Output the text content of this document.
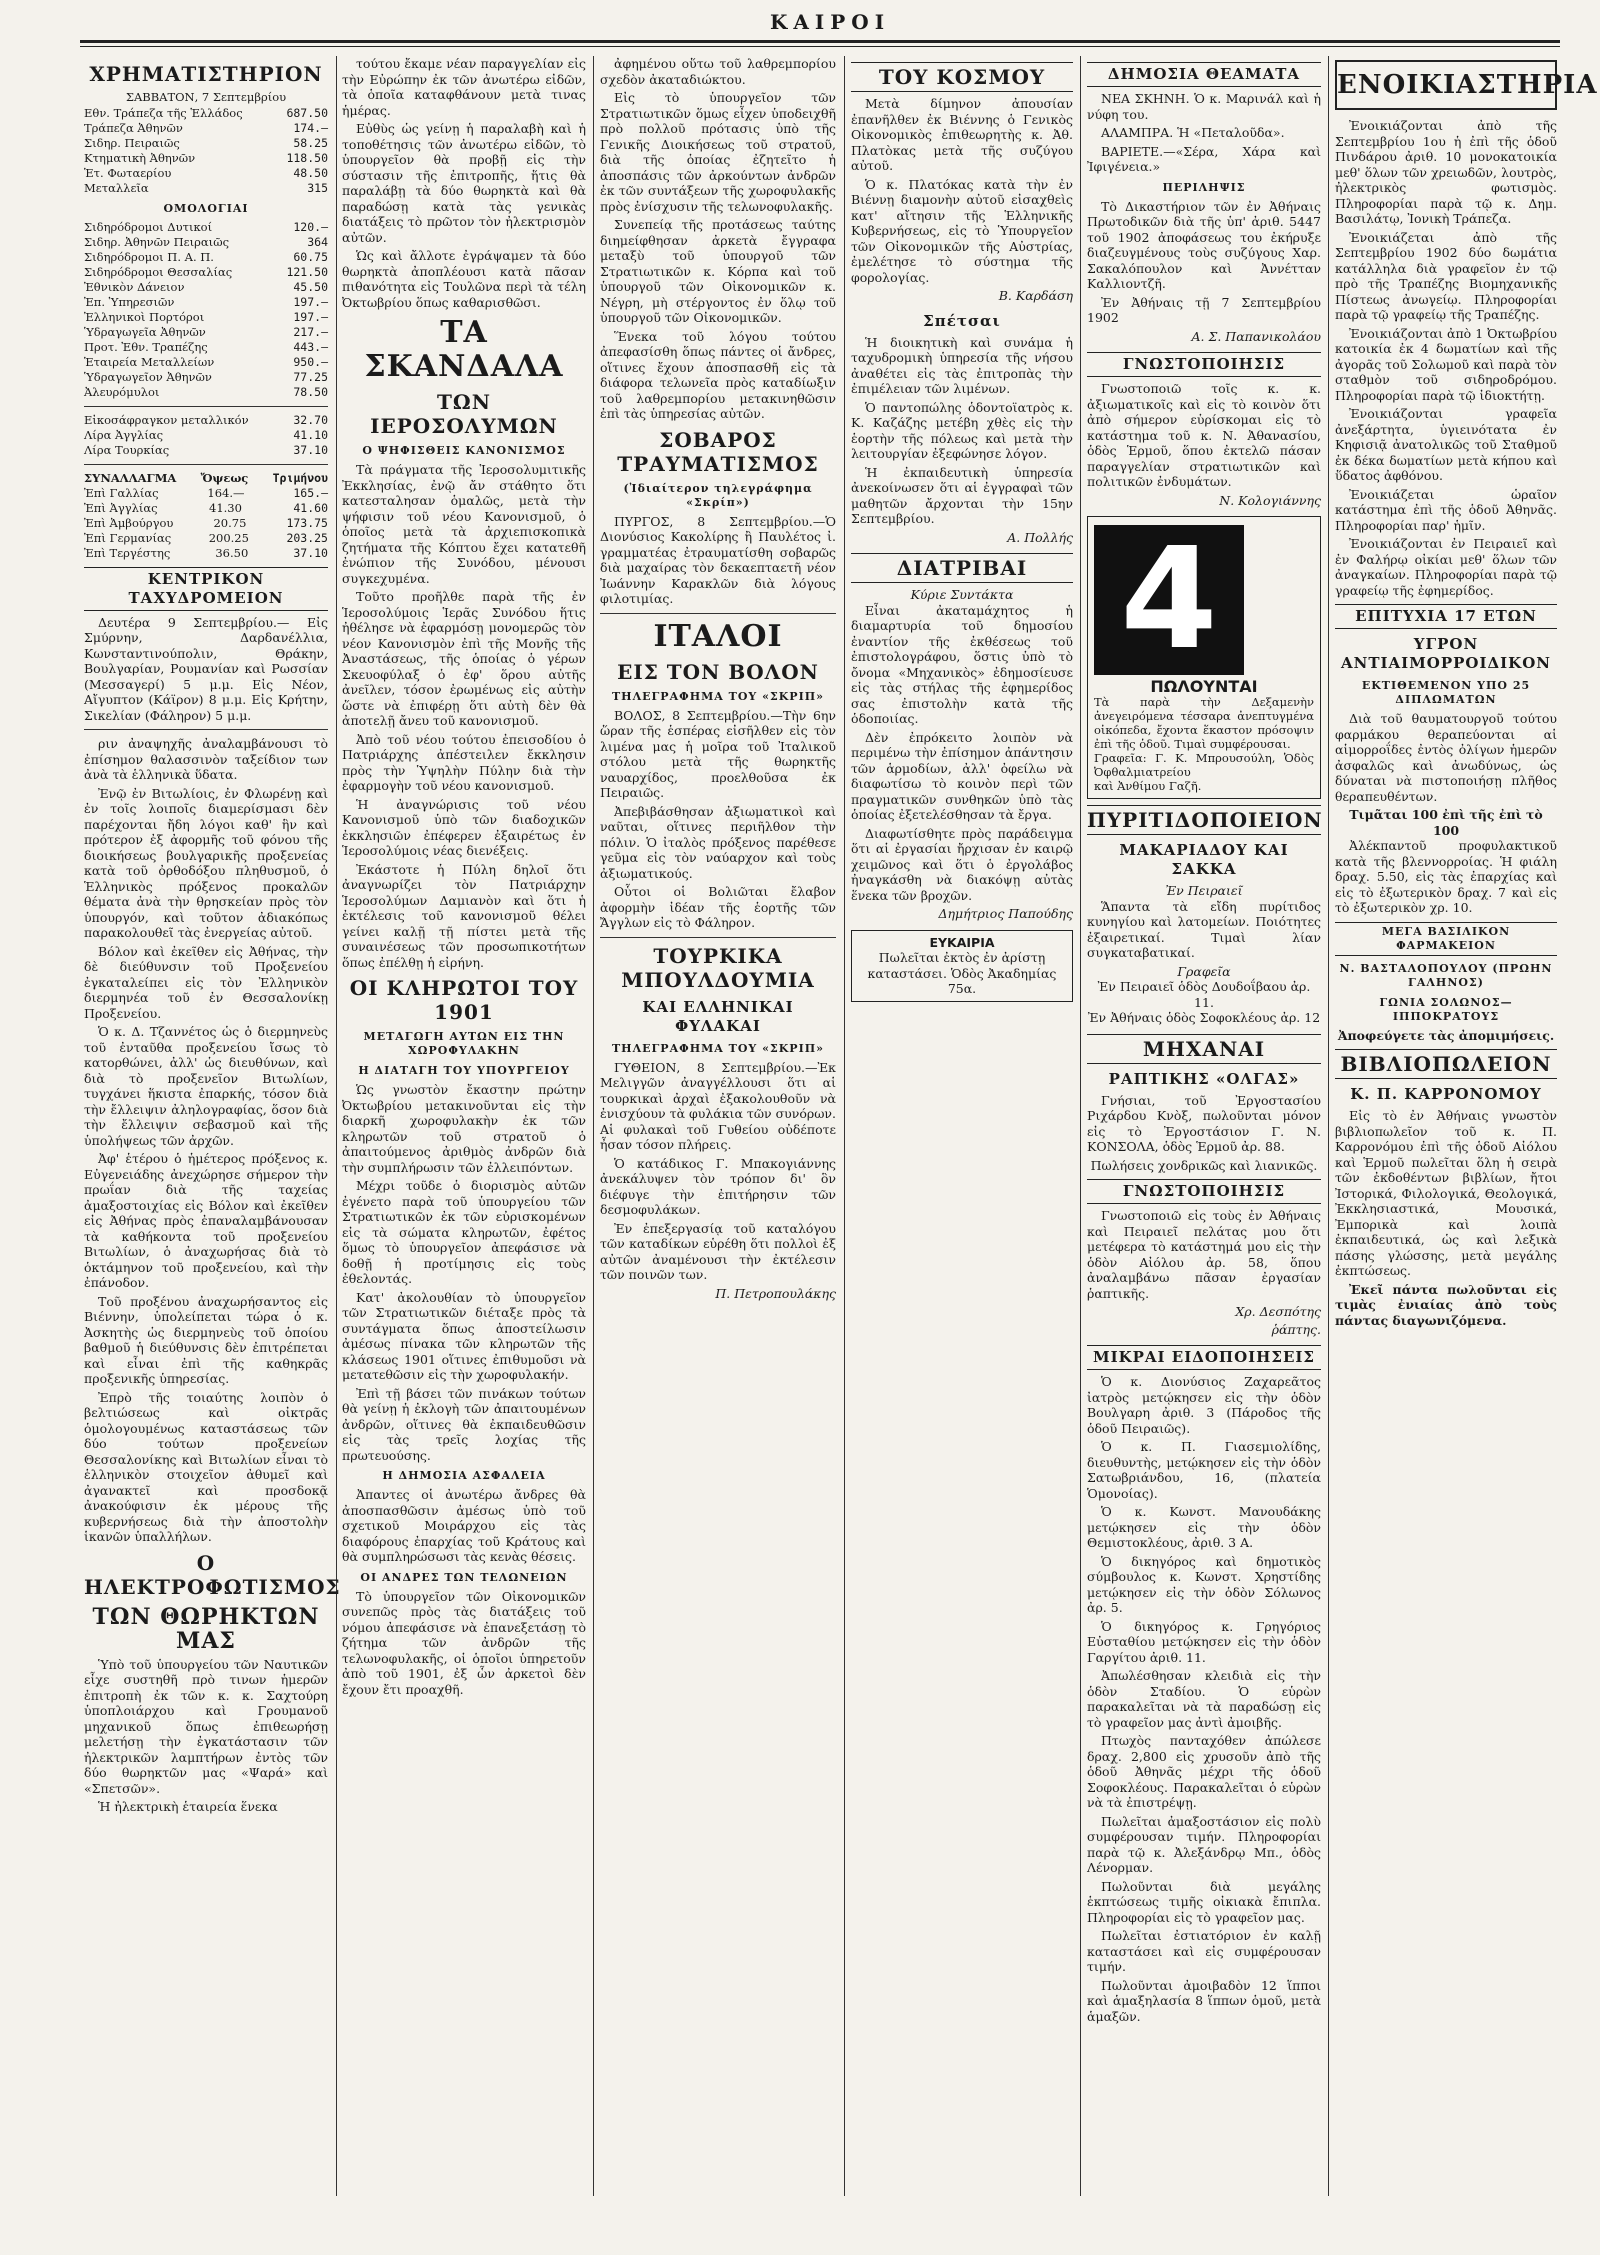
ΚΑΙΡΟΙ
ΧΡΗΜΑΤΙΣΤΗΡΙΟΝ
ΣΑΒΒΑΤΟΝ, 7 Σεπτεμβρίου
Εθν. Τράπεζα τῆς Ἑλλάδος	687.50
Τράπεζα Ἀθηνῶν	174.—
Σιδηρ. Πειραιῶς	58.25
Κτηματικὴ Ἀθηνῶν	118.50
Ἑτ. Φωταερίου	48.50
Μεταλλεῖα	315
ΟΜΟΛΟΓΙΑΙ
Σιδηρόδρομοι Δυτικοί	120.—
Σιδηρ. Ἀθηνῶν Πειραιῶς	364
Σιδηρόδρομοι Π. Α. Π.	60.75
Σιδηρόδρομοι Θεσσαλίας	121.50
Ἐθνικὸν Δάνειον	45.50
Ἐπ. Ὑπηρεσιῶν	197.—
Ἐλληνικοὶ Πορτόροι	197.—
Ὑδραγωγεῖα Ἀθηνῶν	217.—
Προτ. Ἐθν. Τραπέζης	443.—
Ἑταιρεία Μεταλλείων	950.—
Ὑδραγωγεῖον Ἀθηνῶν	77.25
Ἀλευρόμυλοι	78.50
Εἰκοσάφραγκον μεταλλικόν	32.70
Λίρα Ἀγγλίας	41.10
Λίρα Τουρκίας	37.10
ΣΥΝΑΛΛΑΓΜΑ Ὄψεως Τριμήνου
Ἐπὶ Γαλλίας	164.—	165.—
Ἐπὶ Ἀγγλίας	41.30	41.60
Ἐπὶ Ἀμβούργου	20.75	173.75
Ἐπὶ Γερμανίας	200.25	203.25
Ἐπὶ Τεργέστης	36.50	37.10
ΚΕΝΤΡΙΚΟΝ ΤΑΧΥΔΡΟΜΕΙΟΝ

Δευτέρα 9 Σεπτεμβρίου.— Εἰς Σμύρνην, Δαρδανέλλια, Κωνσταντινούπολιν, Θράκην, Βουλγαρίαν, Ρουμανίαν καὶ Ρωσσίαν (Μεσσαγερί) 5 μ.μ. Εἰς Νέον, Αἴγυπτον (Κάϊρον) 8 μ.μ. Εἰς Κρήτην, Σικελίαν (Φάληρον) 5 μ.μ.

ριν ἀναψηχῆς ἀναλαμβάνουσι τὸ ἐπίσημον θαλασσινὸν ταξείδιον των ἀνὰ τὰ ἑλληνικὰ ὕδατα.

Ἐνῷ ἐν Βιτωλίοις, ἐν Φλωρένῃ καὶ ἐν τοῖς λοιποῖς διαμερίσμασι δὲν παρέχονται ἤδη λόγοι καθ' ἣν καὶ πρότερον ἐξ ἀφορμῆς τοῦ φόνου τῆς διοικήσεως βουλγαρικῆς προξενείας κατὰ τοῦ ὀρθοδόξου πληθυσμοῦ, ὁ Ἑλληνικὸς πρόξενος προκαλῶν θέματα ἀνὰ τὴν θρησκείαν πρὸς τὸν ὑπουργόν, καὶ τοῦτον ἀδιακόπως παρακολουθεῖ τὰς ἐνεργείας αὐτοῦ.

Βόλον καὶ ἐκεῖθεν εἰς Ἀθήνας, τὴν δὲ διεύθυνσιν τοῦ Προξενείου ἐγκαταλείπει εἰς τὸν Ἐλληνικὸν διερμηνέα τοῦ ἐν Θεσσαλονίκῃ Προξενείου.

Ὁ κ. Δ. Τζαννέτος ὡς ὁ διερμηνεὺς τοῦ ἐνταῦθα προξενείου ἴσως τὸ κατορθώνει, ἀλλ' ὡς διευθύνων, καὶ διὰ τὸ προξενεῖον Βιτωλίων, τυγχάνει ἥκιστα ἐπαρκής, τόσον διὰ τὴν ἔλλειψιν ἀληλογραφίας, ὅσον διὰ τὴν ἔλλειψιν σεβασμοῦ καὶ τῆς ὑπολήψεως τῶν ἀρχῶν.

Ἀφ' ἑτέρου ὁ ἡμέτερος πρόξενος κ. Εὐγενειάδης ἀνεχώρησε σήμερον τὴν πρωΐαν διὰ τῆς ταχείας ἀμαξοστοιχίας εἰς Βόλον καὶ ἐκεῖθεν εἰς Ἀθήνας πρὸς ἐπαναλαμβάνουσαν τὰ καθήκοντα τοῦ προξενείου Βιτωλίων, ὁ ἀναχωρήσας διὰ τὸ ὁκτάμηνον τοῦ προξενείου, καὶ τὴν ἐπάνοδον.

Τοῦ προξένου ἀναχωρήσαντος εἰς Βιέννην, ὑπολείπεται τώρα ὁ κ. Ἀσκητὴς ὡς διερμηνεὺς τοῦ ὁποίου βαθμοῦ ἡ διεύθυνσις δὲν ἐπιτρέπεται καὶ εἶναι ἐπὶ τῆς καθηκρᾶς προξενικῆς ὑπηρεσίας.

Ἐπρὸ τῆς τοιαύτης λοιπὸν ὁ βελτιώσεως καὶ οἰκτρᾶς ὁμολογουμένως καταστάσεως τῶν δύο τούτων προξενείων Θεσσαλονίκης καὶ Βιτωλίων εἶναι τὸ ἑλληνικὸν στοιχεῖον ἀθυμεῖ καὶ ἀγανακτεῖ καὶ προσδοκᾷ ἀνακούφισιν ἐκ μέρους τῆς κυβερνήσεως διὰ τὴν ἀποστολὴν ἱκανῶν ὑπαλλήλων.

Ο ΗΛΕΚΤΡΟΦΩΤΙΣΜΟΣ
ΤΩΝ ΘΩΡΗΚΤΩΝ ΜΑΣ

Ὑπὸ τοῦ ὑπουργείου τῶν Ναυτικῶν εἶχε συστηθῆ πρὸ τινων ἡμερῶν ἐπιτροπὴ ἐκ τῶν κ. κ. Σαχτούρη ὑποπλοιάρχου καὶ Γρουμανοῦ μηχανικοῦ ὅπως ἐπιθεωρήσῃ μελετήσῃ τὴν ἐγκατάστασιν τῶν ἠλεκτρικῶν λαμπτήρων ἐντὸς τῶν δύο θωρηκτῶν μας «Ψαρά» καὶ «Σπετσῶν».

Ἡ ἠλεκτρικὴ ἑταιρεία ἕνεκα

τούτου ἔκαμε νέαν παραγγελίαν εἰς τὴν Εὐρώπην ἐκ τῶν ἀνωτέρω εἰδῶν, τὰ ὁποῖα καταφθάνουν μετὰ τινας ἡμέρας.

Εὐθὺς ὡς γείνῃ ἡ παραλαβὴ καὶ ἡ τοποθέτησις τῶν ἀνωτέρω εἰδῶν, τὸ ὑπουργεῖον θὰ προβῇ εἰς τὴν σύστασιν τῆς ἐπιτροπῆς, ἥτις θὰ παραλάβῃ τὰ δύο θωρηκτὰ καὶ θὰ παραδώσῃ κατὰ τὰς γενικὰς διατάξεις τὸ πρῶτον τὸν ἠλεκτρισμὸν αὐτῶν.

Ὡς καὶ ἄλλοτε ἐγράψαμεν τὰ δύο θωρηκτὰ ἀποπλέουσι κατὰ πᾶσαν πιθανότητα εἰς Τουλῶνα περὶ τὰ τέλη Ὀκτωβρίου ὅπως καθαρισθῶσι.

ΤΑ ΣΚΑΝΔΑΛΑ
ΤΩΝ ΙΕΡΟΣΟΛΥΜΩΝ
Ο ΨΗΦΙΣΘΕΙΣ ΚΑΝΟΝΙΣΜΟΣ

Τὰ πράγματα τῆς Ἱεροσολυμιτικῆς Ἐκκλησίας, ἐνῷ ἄν στάθητο ὅτι κατεσταλησαν ὁμαλῶς, μετὰ τὴν ψήφισιν τοῦ νέου Κανονισμοῦ, ὁ ὁποῖος μετὰ τὰ ἀρχιεπισκοπικὰ ζητήματα τῆς Κόπτου ἔχει κατατεθῆ ἐνώπιον τῆς Συνόδου, μένουσι συγκεχυμένα.

Τοῦτο προῆλθε παρὰ τῆς ἐν Ἱεροσολύμοις Ἱερᾶς Συνόδου ἥτις ἠθέλησε νὰ ἐφαρμόσῃ μονομερῶς τὸν νέον Κανονισμὸν ἐπὶ τῆς Μονῆς τῆς Ἀναστάσεως, τῆς ὁποίας ὁ γέρων Σκευοφύλαξ ὁ ἐφ' ὅρου αὐτῆς ἀνεῖλεν, τόσον ἐρωμένως εἰς αὐτὴν ὥστε νὰ ἐπιφέρῃ ὅτι αὐτὴ δὲν θὰ ἀποτελῇ ἄνευ τοῦ κανονισμοῦ.

Ἀπὸ τοῦ νέου τούτου ἐπεισοδίου ὁ Πατριάρχης ἀπέστειλεν ἔκκλησιν πρὸς τὴν Ὑψηλὴν Πύλην διὰ τὴν ἐφαρμογὴν τοῦ νέου κανονισμοῦ.

Ἡ ἀναγνώρισις τοῦ νέου Κανονισμοῦ ὑπὸ τῶν διαδοχικῶν ἐκκλησιῶν ἐπέφερεν ἐξαιρέτως ἐν Ἱεροσολύμοις νέας διενέξεις.

Ἐκάστοτε ἡ Πύλη δηλοῖ ὅτι ἀναγνωρίζει τὸν Πατριάρχην Ἱεροσολύμων Δαμιανὸν καὶ ὅτι ἡ ἐκτέλεσις τοῦ κανονισμοῦ θέλει γείνει καλῇ τῇ πίστει μετὰ τῆς συναινέσεως τῶν προσωπικοτήτων ὅπως ἐπέλθῃ ἡ εἰρήνη.

ΟΙ ΚΛΗΡΩΤΟΙ ΤΟΥ 1901
ΜΕΤΑΓΩΓΗ ΑΥΤΩΝ ΕΙΣ ΤΗΝ ΧΩΡΟΦΥΛΑΚΗΝ
Η ΔΙΑΤΑΓΗ ΤΟΥ ΥΠΟΥΡΓΕΙΟΥ

Ὡς γνωστὸν ἔκαστην πρώτην Ὀκτωβρίου μετακινοῦνται εἰς τὴν διαρκῆ χωροφυλακὴν ἐκ τῶν κληρωτῶν τοῦ στρατοῦ ὁ ἀπαιτούμενος ἀριθμὸς ἀνδρῶν διὰ τὴν συμπλήρωσιν τῶν ἐλλειπόντων.

Μέχρι τοῦδε ὁ διορισμὸς αὐτῶν ἐγένετο παρὰ τοῦ ὑπουργείου τῶν Στρατιωτικῶν ἐκ τῶν εὐρισκομένων εἰς τὰ σώματα κληρωτῶν, ἐφέτος ὅμως τὸ ὑπουργεῖον ἀπεφάσισε νὰ δοθῇ ἡ προτίμησις εἰς τοὺς ἐθελοντάς.

Κατ' ἀκολουθίαν τὸ ὑπουργεῖον τῶν Στρατιωτικῶν διέταξε πρὸς τὰ συντάγματα ὅπως ἀποστείλωσιν ἀμέσως πίνακα τῶν κληρωτῶν τῆς κλάσεως 1901 οἵτινες ἐπιθυμοῦσι νὰ μετατεθῶσιν εἰς τὴν χωροφυλακήν.

Ἐπὶ τῇ βάσει τῶν πινάκων τούτων θὰ γείνῃ ἡ ἐκλογὴ τῶν ἀπαιτουμένων ἀνδρῶν, οἵτινες θὰ ἐκπαιδευθῶσιν εἰς τὰς τρεῖς λοχίας τῆς πρωτευούσης.

Η ΔΗΜΟΣΙΑ ΑΣΦΑΛΕΙΑ

Ἀπαντες οἱ ἀνωτέρω ἄνδρες θὰ ἀποσπασθῶσιν ἀμέσως ὑπὸ τοῦ σχετικοῦ Μοιράρχου εἰς τὰς διαφόρους ἐπαρχίας τοῦ Κράτους καὶ θὰ συμπληρώσωσι τὰς κενὰς θέσεις.

ΟΙ ΑΝΔΡΕΣ ΤΩΝ ΤΕΛΩΝΕΙΩΝ

Τὸ ὑπουργεῖον τῶν Οἰκονομικῶν συνεπῶς πρὸς τὰς διατάξεις τοῦ νόμου ἀπεφάσισε νὰ ἐπανεξετάσῃ τὸ ζήτημα τῶν ἀνδρῶν τῆς τελωνοφυλακῆς, οἱ ὁποῖοι ὑπηρετοῦν ἀπὸ τοῦ 1901, ἐξ ὧν ἀρκετοὶ δὲν ἔχουν ἔτι προαχθῆ.

ἀφημένου οὕτω τοῦ λαθρεμπορίου σχεδὸν ἀκαταδιώκτου.

Εἰς τὸ ὑπουργεῖον τῶν Στρατιωτικῶν ὅμως εἶχεν ὑποδειχθῆ πρὸ πολλοῦ πρότασις ὑπὸ τῆς Γενικῆς Διοικήσεως τοῦ στρατοῦ, διὰ τῆς ὁποίας ἐζητεῖτο ἡ ἀποσπάσις τῶν ἀρκούντων ἀνδρῶν ἐκ τῶν συντάξεων τῆς χωροφυλακῆς πρὸς ἐνίσχυσιν τῆς τελωνοφυλακῆς.

Συνεπείᾳ τῆς προτάσεως ταύτης διημείφθησαν ἀρκετὰ ἔγγραφα μεταξὺ τοῦ ὑπουργοῦ τῶν Στρατιωτικῶν κ. Κόρπα καὶ τοῦ ὑπουργοῦ τῶν Οἰκονομικῶν κ. Νέγρη, μὴ στέργοντος ἐν ὅλῳ τοῦ ὑπουργοῦ τῶν Οἰκονομικῶν.

Ἕνεκα τοῦ λόγου τούτου ἀπεφασίσθη ὅπως πάντες οἱ ἄνδρες, οἵτινες ἔχουν ἀποσπασθῆ εἰς τὰ διάφορα τελωνεῖα πρὸς καταδίωξιν τοῦ λαθρεμπορίου μετακινηθῶσιν ἐπὶ τὰς ὑπηρεσίας αὐτῶν.

ΣΟΒΑΡΟΣ ΤΡΑΥΜΑΤΙΣΜΟΣ
(Ἰδιαίτερον τηλεγράφημα «Σκρίπ»)

ΠΥΡΓΟΣ, 8 Σεπτεμβρίου.—Ὁ Διονύσιος Κακολίρης ἢ Παυλέτος ἰ. γραμματέας ἐτραυματίσθη σοβαρῶς διὰ μαχαίρας τὸν δεκαεπταετῆ νέον Ἰωάννην Καρακλῶν διὰ λόγους φιλοτιμίας.

ΙΤΑΛΟΙ
ΕΙΣ ΤΟΝ ΒΟΛΟΝ
ΤΗΛΕΓΡΑΦΗΜΑ ΤΟΥ «ΣΚΡΙΠ»

ΒΟΛΟΣ, 8 Σεπτεμβρίου.—Τὴν 6ην ὥραν τῆς ἑσπέρας εἰσῆλθεν εἰς τὸν λιμένα μας ἡ μοῖρα τοῦ Ἰταλικοῦ στόλου μετὰ τῆς θωρηκτῆς ναυαρχίδος, προελθοῦσα ἐκ Πειραιῶς.

Ἀπεβιβάσθησαν ἀξιωματικοὶ καὶ ναῦται, οἵτινες περιῆλθον τὴν πόλιν. Ὁ ἰταλὸς πρόξενος παρέθεσε γεῦμα εἰς τὸν ναύαρχον καὶ τοὺς ἀξιωματικούς.

Οὗτοι οἱ Βολιῶται ἔλαβον ἀφορμὴν ἰδέαν τῆς ἑορτῆς τῶν Ἄγγλων εἰς τὸ Φάληρον.

ΤΟΥΡΚΙΚΑ ΜΠΟΥΛΔΟΥΜΙΑ
ΚΑΙ ΕΛΛΗΝΙΚΑΙ ΦΥΛΑΚΑΙ
ΤΗΛΕΓΡΑΦΗΜΑ ΤΟΥ «ΣΚΡΙΠ»

ΓΥΘΕΙΟΝ, 8 Σεπτεμβρίου.—Ἐκ Μελιγγῶν ἀναγγέλλουσι ὅτι αἱ τουρκικαὶ ἀρχαὶ ἐξακολουθοῦν νὰ ἐνισχύουν τὰ φυλάκια τῶν συνόρων. Αἱ φυλακαὶ τοῦ Γυθείου οὐδέποτε ἦσαν τόσον πλήρεις.

Ὁ κατάδικος Γ. Μπακογιάννης ἀνεκάλυψεν τὸν τρόπον δι' ὃν διέφυγε τὴν ἐπιτήρησιν τῶν δεσμοφυλάκων.

Ἐν ἐπεξεργασίᾳ τοῦ καταλόγου τῶν καταδίκων εὑρέθη ὅτι πολλοὶ ἐξ αὐτῶν ἀναμένουσι τὴν ἐκτέλεσιν τῶν ποινῶν των.

Π. Πετροπουλάκης
ΤΟΥ ΚΟΣΜΟΥ

Μετὰ δίμηνον ἀπουσίαν ἐπανῆλθεν ἐκ Βιέννης ὁ Γενικὸς Οἰκονομικὸς ἐπιθεωρητὴς κ. Ἀθ. Πλατὸκας μετὰ τῆς συζύγου αὐτοῦ.

Ὁ κ. Πλατόκας κατὰ τὴν ἐν Βιέννῃ διαμονὴν αὐτοῦ εἰσαχθεὶς κατ' αἴτησιν τῆς Ἑλληνικῆς Κυβερνήσεως, εἰς τὸ Ὑπουργεῖον τῶν Οἰκονομικῶν τῆς Αὐστρίας, ἐμελέτησε τὸ σύστημα τῆς φορολογίας.

Β. Καρδάση
Σπέτσαι

Ἡ διοικητικὴ καὶ συνάμα ἡ ταχυδρομικὴ ὑπηρεσία τῆς νήσου ἀναθέτει εἰς τὰς ἐπιτροπὰς τὴν ἐπιμέλειαν τῶν λιμένων.

Ὁ παντοπώλης ὁδοντοϊατρὸς κ. Κ. Καζάζης μετέβη χθὲς εἰς τὴν ἑορτὴν τῆς πόλεως καὶ μετὰ τὴν λειτουργίαν ἐξεφώνησε λόγον.

Ἡ ἐκπαιδευτικὴ ὑπηρεσία ἀνεκοίνωσεν ὅτι αἱ ἐγγραφαὶ τῶν μαθητῶν ἄρχονται τὴν 15ην Σεπτεμβρίου.

Α. Πολλής
ΔΙΑΤΡΙΒΑΙ
Κύριε Συντάκτα

Εἶναι ἀκαταμάχητος ἡ διαμαρτυρία τοῦ δημοσίου ἐναντίον τῆς ἐκθέσεως τοῦ ἐπιστολογράφου, ὅστις ὑπὸ τὸ ὄνομα «Μηχανικὸς» ἐδημοσίευσε εἰς τὰς στήλας τῆς ἐφημερίδος σας ἐπιστολὴν κατὰ τῆς ὁδοποιίας.

Δὲν ἐπρόκειτο λοιπὸν νὰ περιμένω τὴν ἐπίσημον ἀπάντησιν τῶν ἁρμοδίων, ἀλλ' ὀφείλω νὰ διαφωτίσω τὸ κοινὸν περὶ τῶν πραγματικῶν συνθηκῶν ὑπὸ τὰς ὁποίας ἐξετελέσθησαν τὰ ἔργα.

Διαφωτίσθητε πρὸς παράδειγμα ὅτι αἱ ἐργασίαι ἤρχισαν ἐν καιρῷ χειμῶνος καὶ ὅτι ὁ ἐργολάβος ἠναγκάσθη νὰ διακόψῃ αὐτὰς ἕνεκα τῶν βροχῶν.

Δημήτριος Παπούδης
ΕΥΚΑΙΡΙΑ
Πωλεῖται ἐκτὸς ἐν ἀρίστῃ καταστάσει. Ὁδὸς Ἀκαδημίας 75α.
ΔΗΜΟΣΙΑ ΘΕΑΜΑΤΑ

ΝΕΑ ΣΚΗΝΗ. Ὁ κ. Μαρινάλ καὶ ἡ νύφη του.

ΑΛΑΜΠΡΑ. Ἡ «Πεταλοῦδα».

ΒΑΡΙΕΤΕ.—«Σέρα, Χάρα καὶ Ἰφιγένεια.»

ΠΕΡΙΛΗΨΙΣ

Τὸ Δικαστήριον τῶν ἐν Ἀθήναις Πρωτοδικῶν διὰ τῆς ὑπ' ἀριθ. 5447 τοῦ 1902 ἀποφάσεως του ἐκήρυξε διαζευγμένους τοὺς συζύγους Χαρ. Σακαλόπουλον καὶ Ἀννέτταν Καλλιοντζῆ.

Ἐν Ἀθήναις τῇ 7 Σεπτεμβρίου 1902

Α. Σ. Παπανικολάου
ΓΝΩΣΤΟΠΟΙΗΣΙΣ

Γνωστοποιῶ τοῖς κ. κ. ἀξιωματικοῖς καὶ εἰς τὸ κοινὸν ὅτι ἀπὸ σήμερον εὑρίσκομαι εἰς τὸ κατάστημα τοῦ κ. Ν. Ἀθανασίου, ὁδὸς Ἑρμοῦ, ὅπου ἐκτελῶ πάσαν παραγγελίαν στρατιωτικῶν καὶ πολιτικῶν ἐνδυμάτων.

Ν. Κολογιάννης
4
ΠΩΛΟΥΝΤΑΙ
Τὰ παρὰ τὴν Δεξαμενὴν ἀνεγειρόμενα τέσσαρα ἀνεπτυγμένα οἰκόπεδα, ἔχοντα ἕκαστον πρόσοψιν ἐπὶ τῆς ὁδοῦ. Τιμαὶ συμφέρουσαι.
Γραφεῖα: Γ. Κ. Μπρουσούλη, Ὁδὸς Ὀφθαλμιατρείου
καὶ Ἀνθίμου Γαζῆ.
ΠΥΡΙΤΙΔΟΠΟΙΕΙΟΝ
ΜΑΚΑΡΙΑΔΟΥ ΚΑΙ ΣΑΚΚΑ
Ἐν Πειραιεῖ

Ἅπαντα τὰ εἴδη πυρίτιδος κυνηγίου καὶ λατομείων. Ποιότητες ἐξαιρετικαί. Τιμαὶ λίαν συγκαταβατικαί.

Γραφεῖα
Ἐν Πειραιεῖ ὁδὸς Δουδοΐβαου ἀρ. 11.
Ἐν Ἀθήναις ὁδὸς Σοφοκλέους ἀρ. 12
ΜΗΧΑΝΑΙ
ΡΑΠΤΙΚΗΣ «ΟΛΓΑΣ»

Γνήσιαι, τοῦ Ἐργοστασίου Ριχάρδου Κνὸξ, πωλοῦνται μόνον εἰς τὸ Ἐργοστάσιον Γ. Ν. ΚΟΝΣΟΛΑ, ὁδὸς Ἑρμοῦ ἀρ. 88.

Πωλήσεις χονδρικῶς καὶ λιανικῶς.
ΓΝΩΣΤΟΠΟΙΗΣΙΣ

Γνωστοποιῶ εἰς τοὺς ἐν Ἀθήναις καὶ Πειραιεῖ πελάτας μου ὅτι μετέφερα τὸ κατάστημά μου εἰς τὴν ὁδὸν Αἰόλου ἀρ. 58, ὅπου ἀναλαμβάνω πᾶσαν ἐργασίαν ῥαπτικῆς.

Χρ. Δεσπότης
ῥάπτης.
ΜΙΚΡΑΙ ΕΙΔΟΠΟΙΗΣΕΙΣ

Ὁ κ. Διονύσιος Ζαχαρεᾶτος ἰατρὸς μετῴκησεν εἰς τὴν ὁδὸν Βουλγαρη ἀριθ. 3 (Πάροδος τῆς ὁδοῦ Πειραιῶς).

Ὁ κ. Π. Γιασεμιολίδης, διευθυντὴς, μετῴκησεν εἰς τὴν ὁδὸν Σατωβριάνδου, 16, (πλατεία Ὁμονοίας).

Ὁ κ. Κωνστ. Μανουδάκης μετῴκησεν εἰς τὴν ὁδὸν Θεμιστοκλέους, ἀριθ. 3 Α.

Ὁ δικηγόρος καὶ δημοτικὸς σύμβουλος κ. Κωνστ. Χρηστίδης μετῴκησεν εἰς τὴν ὁδὸν Σόλωνος ἀρ. 5.

Ὁ δικηγόρος κ. Γρηγόριος Εὐσταθίου μετῴκησεν εἰς τὴν ὁδὸν Γαργίτου ἀριθ. 11.

Ἀπωλέσθησαν κλειδιὰ εἰς τὴν ὁδὸν Σταδίου. Ὁ εὑρὼν παρακαλεῖται νὰ τὰ παραδώσῃ εἰς τὸ γραφεῖον μας ἀντὶ ἀμοιβῆς.

Πτωχὸς πανταχόθεν ἀπώλεσε δραχ. 2,800 εἰς χρυσοῦν ἀπὸ τῆς ὁδοῦ Ἀθηνᾶς μέχρι τῆς ὁδοῦ Σοφοκλέους. Παρακαλεῖται ὁ εὑρὼν νὰ τὰ ἐπιστρέψῃ.

Πωλεῖται ἀμαξοστάσιον εἰς πολὺ συμφέρουσαν τιμήν. Πληροφορίαι παρὰ τῷ κ. Ἀλεξάνδρῳ Μπ., ὁδὸς Λένορμαν.

Πωλοῦνται διὰ μεγάλης ἑκπτώσεως τιμῆς οἰκιακὰ ἔπιπλα. Πληροφορίαι εἰς τὸ γραφεῖον μας.

Πωλεῖται ἐστιατόριον ἐν καλῇ καταστάσει καὶ εἰς συμφέρουσαν τιμήν.

Πωλοῦνται ἀμοιβαδὸν 12 ἵπποι καὶ ἁμαξηλασία 8 ἵππων ὁμοῦ, μετὰ ἁμαξῶν.

ΕΝΟΙΚΙΑΣΤΗΡΙΑ

Ἐνοικιάζονται ἀπὸ τῆς Σεπτεμβρίου 1ου ἡ ἐπὶ τῆς ὁδοῦ Πινδάρου ἀριθ. 10 μονοκατοικία μεθ' ὅλων τῶν χρειωδῶν, λουτρὸς, ἠλεκτρικὸς φωτισμὸς. Πληροφορίαι παρὰ τῷ κ. Δημ. Βασιλάτῳ, Ἰονικὴ Τράπεζα.

Ἐνοικιάζεται ἀπὸ τῆς Σεπτεμβρίου 1902 δύο δωμάτια κατάλληλα διὰ γραφεῖον ἐν τῷ πρὸ τῆς Τραπέζης Βιομηχανικῆς Πίστεως ἀνωγείῳ. Πληροφορίαι παρὰ τῷ γραφείῳ τῆς Τραπέζης.

Ἐνοικιάζονται ἀπὸ 1 Ὀκτωβρίου κατοικία ἐκ 4 δωματίων καὶ τῆς ἀγορᾶς τοῦ Σολωμοῦ καὶ παρὰ τὸν σταθμὸν τοῦ σιδηροδρόμου. Πληροφορίαι παρὰ τῷ ἰδιοκτήτῃ.

Ἐνοικιάζονται γραφεῖα ἀνεξάρτητα, ὑγιεινότατα ἐν Κηφισιᾷ ἀνατολικῶς τοῦ Σταθμοῦ ἐκ δέκα δωματίων μετὰ κήπου καὶ ὕδατος ἀφθόνου.

Ἐνοικιάζεται ὡραῖον κατάστημα ἐπὶ τῆς ὁδοῦ Ἀθηνᾶς. Πληροφορίαι παρ' ἡμῖν.

Ἐνοικιάζονται ἐν Πειραιεῖ καὶ ἐν Φαλήρῳ οἰκίαι μεθ' ὅλων τῶν ἀναγκαίων. Πληροφορίαι παρὰ τῷ γραφείῳ τῆς ἐφημερίδος.

ΕΠΙΤΥΧΙΑ 17 ΕΤΩΝ
ΥΓΡΟΝ ΑΝΤΙΑΙΜΟΡΡΟΙΔΙΚΟΝ
ΕΚΤΙΘΕΜΕΝΟΝ ΥΠΟ 25 ΔΙΠΛΩΜΑΤΩΝ

Διὰ τοῦ θαυματουργοῦ τούτου φαρμάκου θεραπεύονται αἱ αἱμορροΐδες ἐντὸς ὀλίγων ἡμερῶν ἀσφαλῶς καὶ ἀνωδύνως, ὡς δύναται νὰ πιστοποιήσῃ πλῆθος θεραπευθέντων.

Τιμᾶται 100 ἐπὶ τῆς ἐπὶ τὸ 100

Ἀλέκπαντοῦ προφυλακτικοῦ κατὰ τῆς βλεννορροίας. Ἡ φιάλη δραχ. 5.50, εἰς τὰς ἐπαρχίας καὶ εἰς τὸ ἐξωτερικὸν δραχ. 7 καὶ εἰς τὸ ἐξωτερικὸν χρ. 10.

ΜΕΓΑ ΒΑΣΙΛΙΚΟΝ ΦΑΡΜΑΚΕΙΟΝ
Ν. ΒΑΣΤΑΛΟΠΟΥΛΟΥ (ΠΡΩΗΝ ΓΑΛΗΝΟΣ)
ΓΩΝΙΑ ΣΟΛΩΝΟΣ—ΙΠΠΟΚΡΑΤΟΥΣ
Ἀποφεύγετε τὰς ἀπομιμήσεις.
ΒΙΒΛΙΟΠΩΛΕΙΟΝ
Κ. Π. ΚΑΡΡΟΝΟΜΟΥ

Εἰς τὸ ἐν Ἀθήναις γνωστὸν βιβλιοπωλεῖον τοῦ κ. Π. Καρρονόμου ἐπὶ τῆς ὁδοῦ Αἰόλου καὶ Ἑρμοῦ πωλεῖται ὅλη ἡ σειρὰ τῶν ἐκδοθέντων βιβλίων, ἤτοι Ἰστορικά, Φιλολογικά, Θεολογικά, Ἐκκλησιαστικά, Μουσικά, Ἐμπορικὰ καὶ λοιπὰ ἐκπαιδευτικά, ὡς καὶ λεξικὰ πάσης γλώσσης, μετὰ μεγάλης ἐκπτώσεως.

Ἐκεῖ πάντα πωλοῦνται εἰς τιμὰς ἐνιαίας ἀπὸ τοὺς πάντας διαγωνιζόμενα.
